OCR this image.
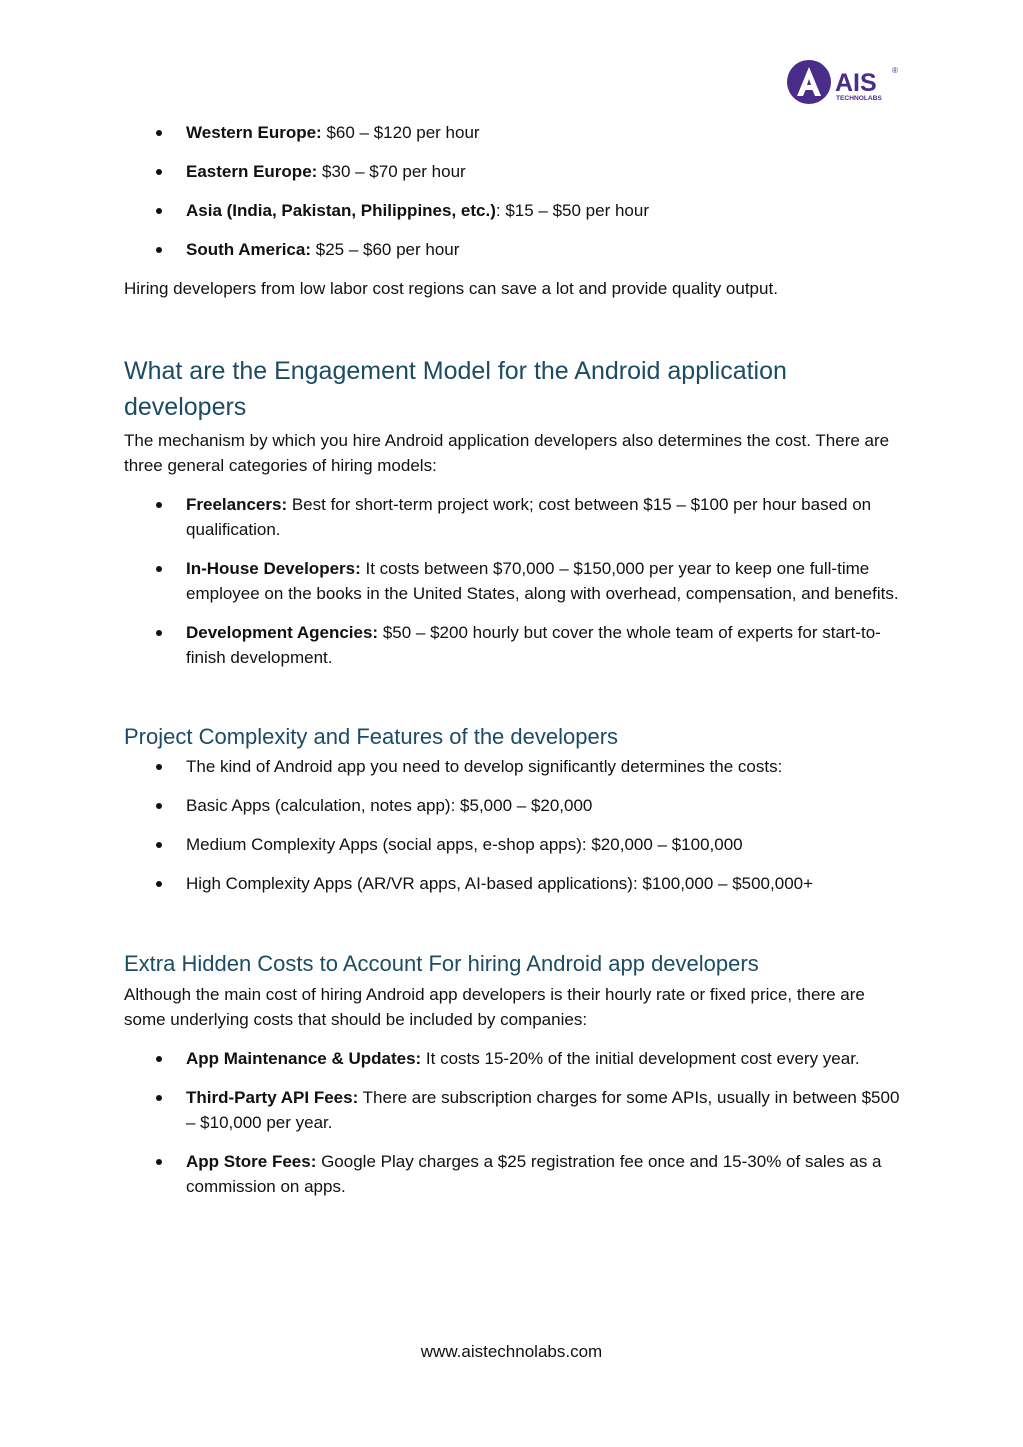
AIS ®
TECHNOLABS
Western Europe: $60 – $120 per hour
Eastern Europe: $30 – $70 per hour
Asia (India, Pakistan, Philippines, etc.): $15 – $50 per hour
South America: $25 – $60 per hour

Hiring developers from low labor cost regions can save a lot and provide quality output.

What are the Engagement Model for the Android application developers

The mechanism by which you hire Android application developers also determines the cost. There are three general categories of hiring models:

Freelancers: Best for short-term project work; cost between $15 – $100 per hour based on qualification.
In-House Developers: It costs between $70,000 – $150,000 per year to keep one full-time employee on the books in the United States, along with overhead, compensation, and benefits.
Development Agencies: $50 – $200 hourly but cover the whole team of experts for start-to-finish development.
Project Complexity and Features of the developers
The kind of Android app you need to develop significantly determines the costs:
Basic Apps (calculation, notes app): $5,000 – $20,000
Medium Complexity Apps (social apps, e-shop apps): $20,000 – $100,000
High Complexity Apps (AR/VR apps, AI-based applications): $100,000 – $500,000+
Extra Hidden Costs to Account For hiring Android app developers

Although the main cost of hiring Android app developers is their hourly rate or fixed price, there are some underlying costs that should be included by companies:

App Maintenance & Updates: It costs 15-20% of the initial development cost every year.
Third-Party API Fees: There are subscription charges for some APIs, usually in between $500 – $10,000 per year.
App Store Fees: Google Play charges a $25 registration fee once and 15-30% of sales as a commission on apps.
www.aistechnolabs.com
